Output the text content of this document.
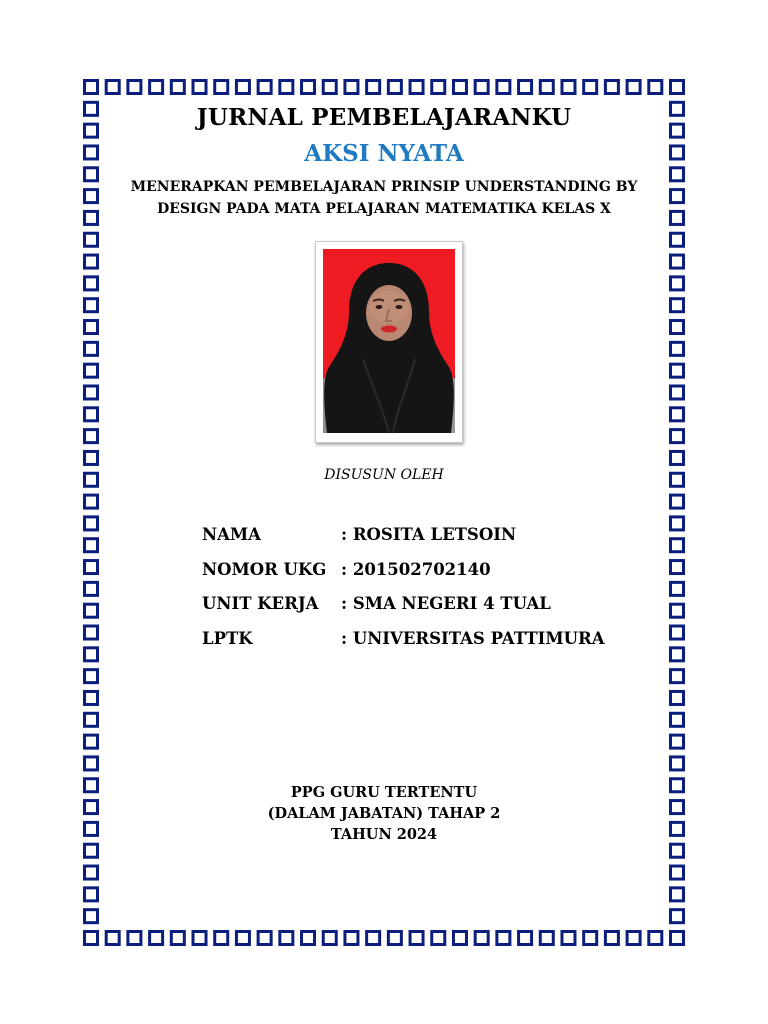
JURNAL PEMBELAJARANKU
AKSI NYATA
MENERAPKAN PEMBELAJARAN PRINSIP UNDERSTANDING BY
DESIGN PADA MATA PELAJARAN MATEMATIKA KELAS X
DISUSUN OLEH
NAMA	: ROSITA LETSOIN
NOMOR UKG : 201502702140
UNIT KERJA	: SMA NEGERI 4 TUAL
LPTK	: UNIVERSITAS PATTIMURA
PPG GURU TERTENTU
(DALAM JABATAN) TAHAP 2
TAHUN 2024
